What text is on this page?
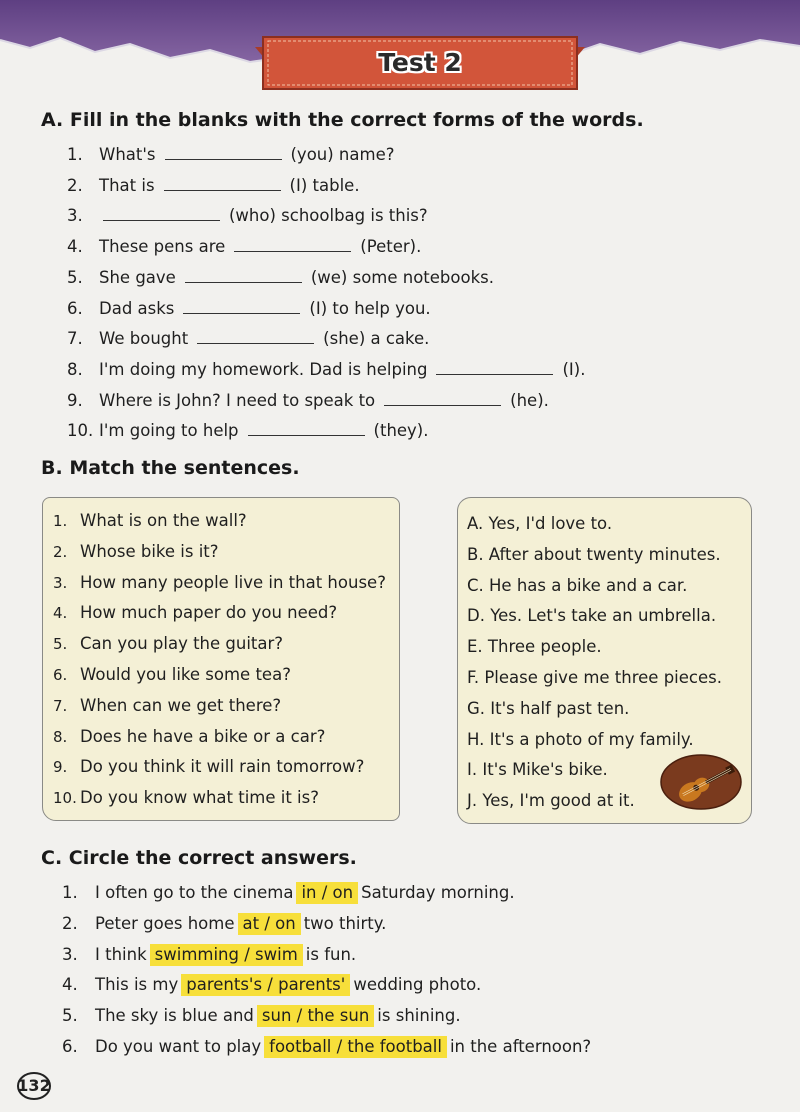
Test 2
A. Fill in the blanks with the correct forms of the words.
1. What's	(you) name?
2. That is	(I) table.
3.	(who) schoolbag is this?
4. These pens are	(Peter).
5. She gave	(we) some notebooks.
6. Dad asks	(I) to help you.
7. We bought	(she) a cake.
8. I'm doing my homework. Dad is helping	(I).
9. Where is John? I need to speak to	(he).
10. I'm going to help	(they).
B. Match the sentences.
1. What is on the wall?
2. Whose bike is it?
3. How many people live in that house?
4. How much paper do you need?
5. Can you play the guitar?
6. Would you like some tea?
7. When can we get there?
8. Does he have a bike or a car?
9. Do you think it will rain tomorrow?
10. Do you know what time it is?
A. Yes, I'd love to.
B. After about twenty minutes.
C. He has a bike and a car.
D. Yes. Let's take an umbrella.
E. Three people.
F. Please give me three pieces.
G. It's half past ten.
H. It's a photo of my family.
I. It's Mike's bike.
J. Yes, I'm good at it.
C. Circle the correct answers.
1. I often go to the cinema in / on Saturday morning.
2. Peter goes home at / on two thirty.
3. I think swimming / swim is fun.
4. This is my parents's / parents' wedding photo.
5. The sky is blue and sun / the sun is shining.
6. Do you want to play football / the football in the afternoon?
132
